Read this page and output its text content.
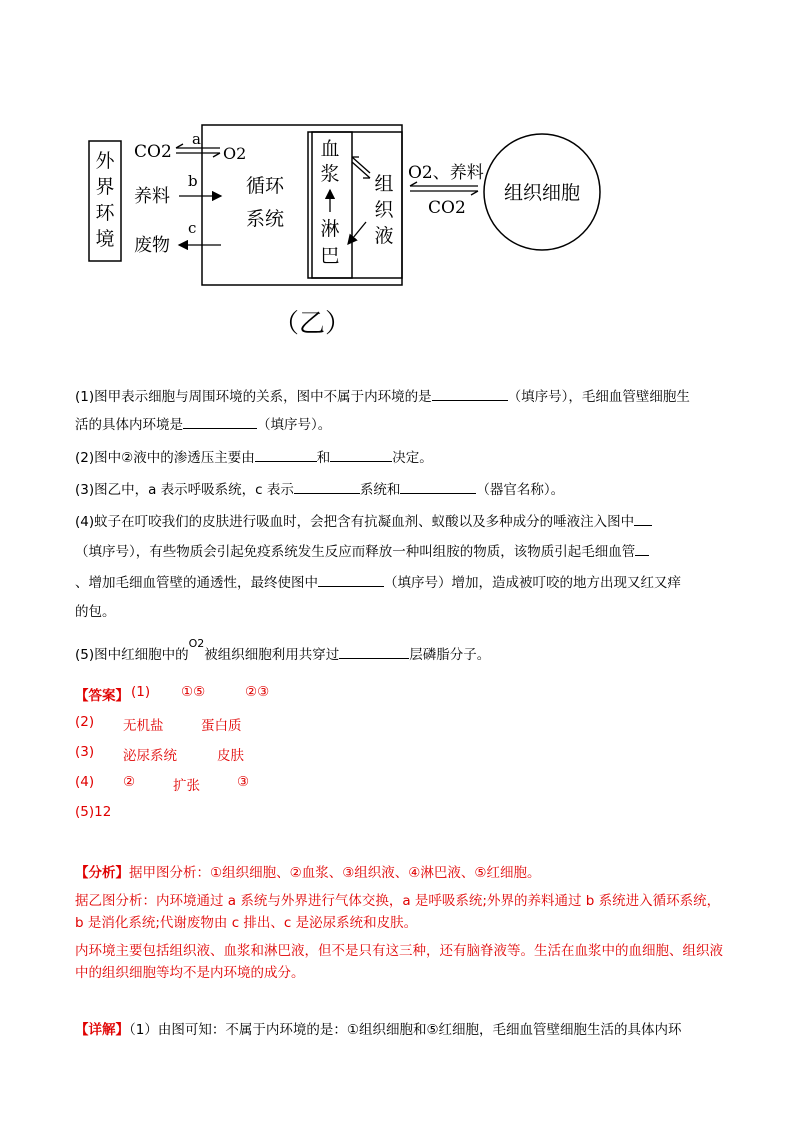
外
界
环
境
CO2
a
O2
养料
b
废物
c
循环
系统
血
浆
淋
巴
组
织
液
O2、养料
CO2
组织细胞
（乙）
(1)图甲表示细胞与周围环境的关系，图中不属于内环境的是	（填序号），毛细血管壁细胞生
活的具体内环境是	（填序号）。
(2)图中②液中的渗透压主要由	和	决定。
(3)图乙中，a 表示呼吸系统，c 表示	系统和	（器官名称）。
(4)蚊子在叮咬我们的皮肤进行吸血时，会把含有抗凝血剂、蚁酸以及多种成分的唾液注入图中
（填序号），有些物质会引起免疫系统发生反应而释放一种叫组胺的物质，该物质引起毛细血管
、增加毛细血管壁的通透性，最终使图中	（填序号）增加，造成被叮咬的地方出现又红又痒
的包。
(5)图中红细胞中的$^{O2}$被组织细胞利用共穿过	层磷脂分子。
【答案】 (1) ①⑤	②③
(2) 无机盐	蛋白质
(3) 泌尿系统	皮肤
(4) ②	扩张	③
(5)12
【分析】据甲图分析：①组织细胞、②血浆、③组织液、④淋巴液、⑤红细胞。
据乙图分析：内环境通过 a 系统与外界进行气体交换，a 是呼吸系统;外界的养料通过 b 系统进入循环系统，b 是消化系统;代谢废物由 c 排出、c 是泌尿系统和皮肤。
内环境主要包括组织液、血浆和淋巴液，但不是只有这三种，还有脑脊液等。生活在血浆中的血细胞、组织液中的组织细胞等均不是内环境的成分。
【详解】（1）由图可知：不属于内环境的是：①组织细胞和⑤红细胞，毛细血管壁细胞生活的具体内环
